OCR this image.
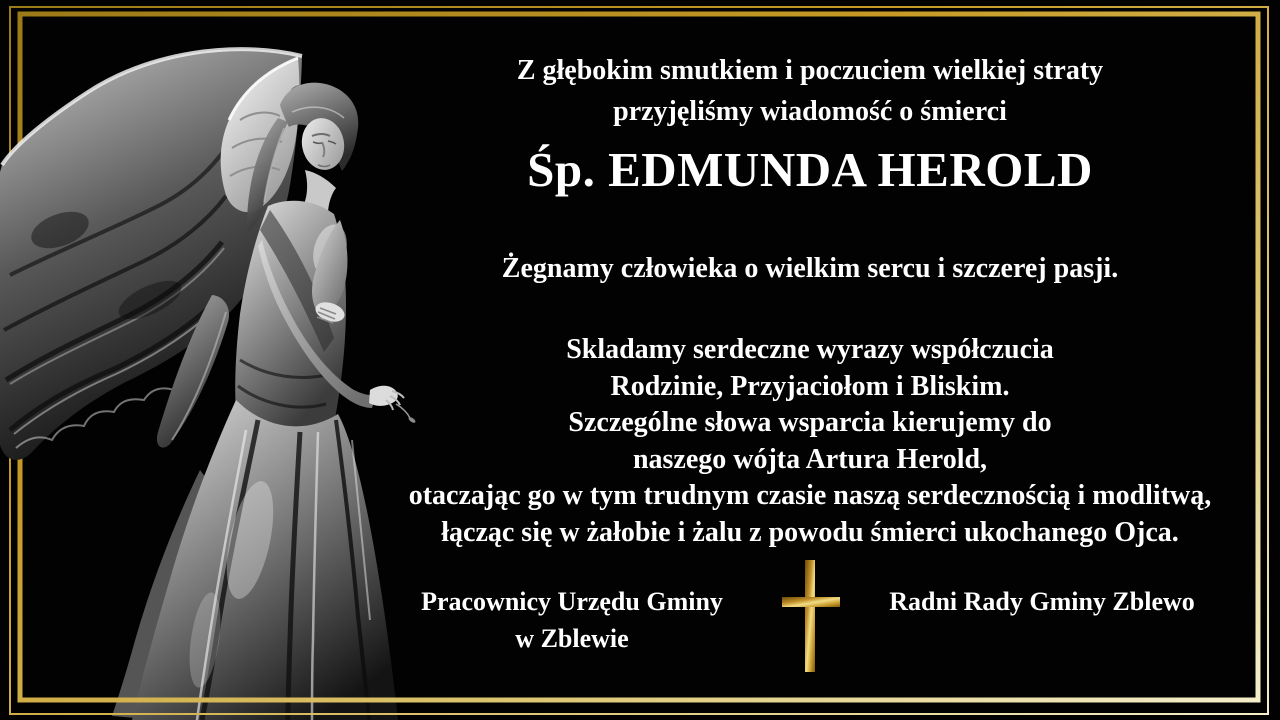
Z głębokim smutkiem i poczuciem wielkiej straty
przyjęliśmy wiadomość o śmierci
Śp. EDMUNDA HEROLD
Żegnamy człowieka o wielkim sercu i szczerej pasji.
Skladamy serdeczne wyrazy współczucia
Rodzinie, Przyjaciołom i Bliskim.
Szczególne słowa wsparcia kierujemy do
naszego wójta Artura Herold,
otaczając go w tym trudnym czasie naszą serdecznością i modlitwą,
łącząc się w żałobie i żalu z powodu śmierci ukochanego Ojca.
Pracownicy Urzędu Gminy
w Zblewie
Radni Rady Gminy Zblewo
